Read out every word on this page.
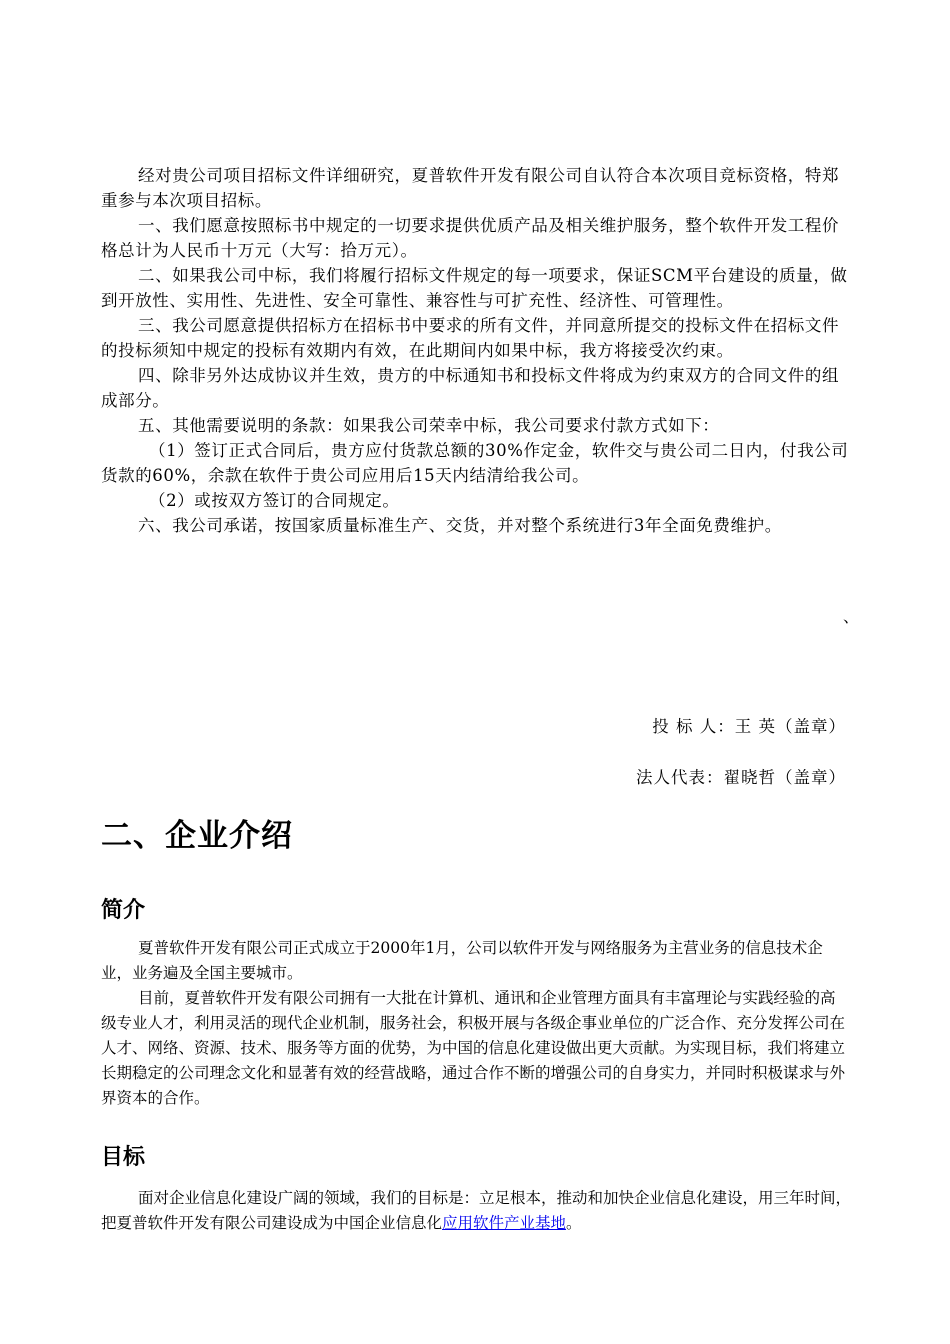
经对贵公司项目招标文件详细研究，夏普软件开发有限公司自认符合本次项目竞标资格，特郑重参与本次项目招标。

一、我们愿意按照标书中规定的一切要求提供优质产品及相关维护服务，整个软件开发工程价格总计为人民币十万元（大写：拾万元）。

二、如果我公司中标，我们将履行招标文件规定的每一项要求，保证SCM平台建设的质量，做到开放性、实用性、先进性、安全可靠性、兼容性与可扩充性、经济性、可管理性。

三、我公司愿意提供招标方在招标书中要求的所有文件，并同意所提交的投标文件在招标文件的投标须知中规定的投标有效期内有效，在此期间内如果中标，我方将接受次约束。

四、除非另外达成协议并生效，贵方的中标通知书和投标文件将成为约束双方的合同文件的组成部分。

五、其他需要说明的条款：如果我公司荣幸中标，我公司要求付款方式如下：

（1）签订正式合同后，贵方应付货款总额的30%作定金，软件交与贵公司二日内，付我公司货款的60%，余款在软件于贵公司应用后15天内结清给我公司。

（2）或按双方签订的合同规定。

六、我公司承诺，按国家质量标准生产、交货，并对整个系统进行3年全面免费维护。

、
投 标 人：王 英（盖章）
法人代表：翟晓哲（盖章）
二、企业介绍
简介

夏普软件开发有限公司正式成立于2000年1月，公司以软件开发与网络服务为主营业务的信息技术企业，业务遍及全国主要城市。

目前，夏普软件开发有限公司拥有一大批在计算机、通讯和企业管理方面具有丰富理论与实践经验的高级专业人才，利用灵活的现代企业机制，服务社会，积极开展与各级企事业单位的广泛合作、充分发挥公司在人才、网络、资源、技术、服务等方面的优势，为中国的信息化建设做出更大贡献。为实现目标，我们将建立长期稳定的公司理念文化和显著有效的经营战略，通过合作不断的增强公司的自身实力，并同时积极谋求与外界资本的合作。

目标

面对企业信息化建设广阔的领域，我们的目标是：立足根本，推动和加快企业信息化建设，用三年时间，把夏普软件开发有限公司建设成为中国企业信息化应用软件产业基地。
